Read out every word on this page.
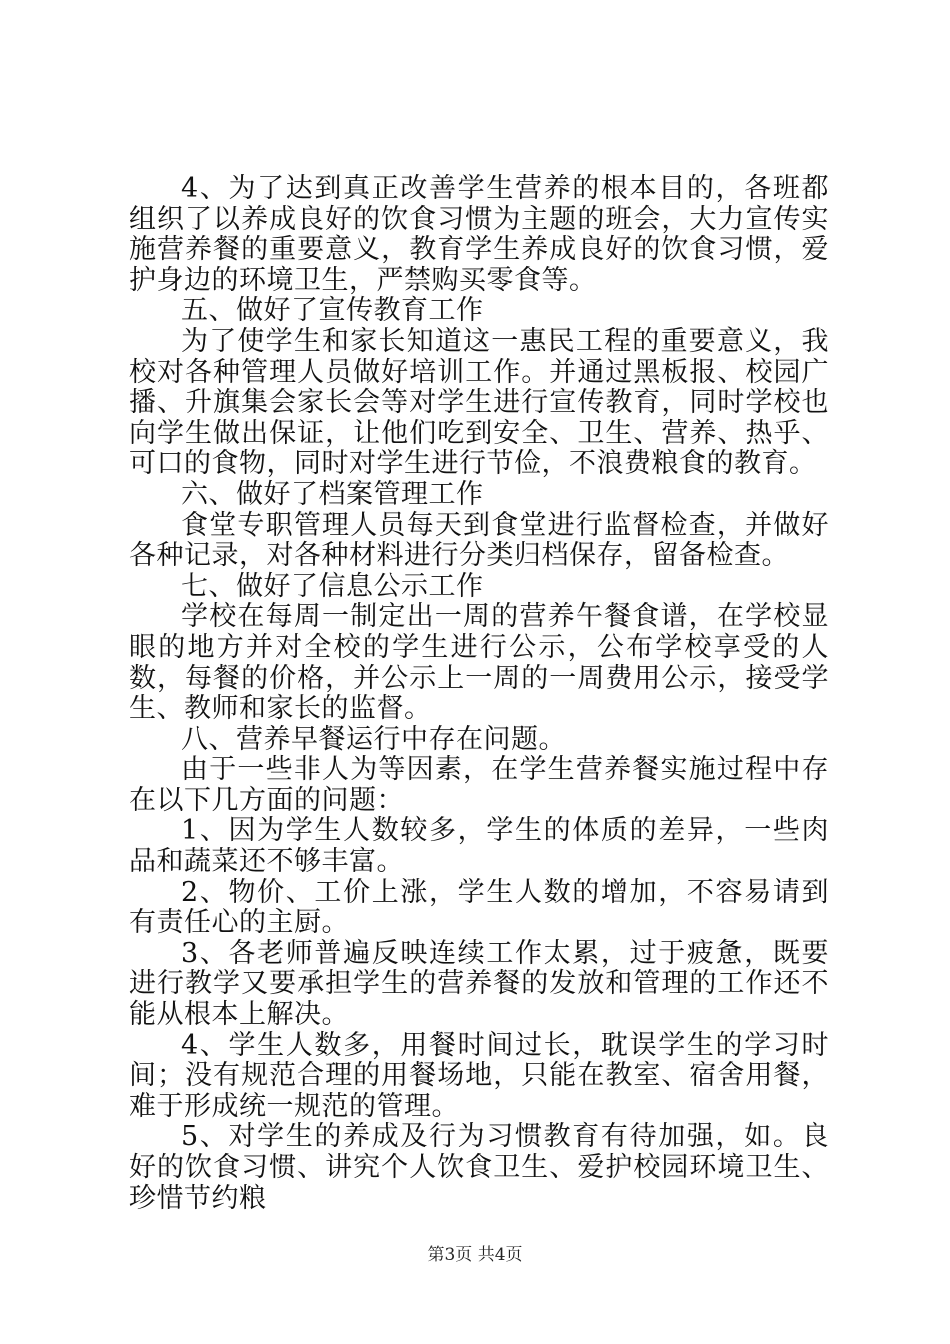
4、为了达到真正改善学生营养的根本目的，各班都组织了以养成良好的饮食习惯为主题的班会，大力宣传实施营养餐的重要意义，教育学生养成良好的饮食习惯，爱护身边的环境卫生，严禁购买零食等。

五、做好了宣传教育工作

为了使学生和家长知道这一惠民工程的重要意义，我校对各种管理人员做好培训工作。并通过黑板报、校园广播、升旗集会家长会等对学生进行宣传教育，同时学校也向学生做出保证，让他们吃到安全、卫生、营养、热乎、可口的食物，同时对学生进行节俭，不浪费粮食的教育。

六、做好了档案管理工作

食堂专职管理人员每天到食堂进行监督检查，并做好各种记录，对各种材料进行分类归档保存，留备检查。

七、做好了信息公示工作

学校在每周一制定出一周的营养午餐食谱，在学校显眼的地方并对全校的学生进行公示，公布学校享受的人数，每餐的价格，并公示上一周的一周费用公示，接受学生、教师和家长的监督。

八、营养早餐运行中存在问题。

由于一些非人为等因素，在学生营养餐实施过程中存在以下几方面的问题：

1、因为学生人数较多，学生的体质的差异，一些肉品和蔬菜还不够丰富。

2、物价、工价上涨，学生人数的增加，不容易请到有责任心的主厨。

3、各老师普遍反映连续工作太累，过于疲惫，既要进行教学又要承担学生的营养餐的发放和管理的工作还不能从根本上解决。

4、学生人数多，用餐时间过长，耽误学生的学习时间；没有规范合理的用餐场地，只能在教室、宿舍用餐，难于形成统一规范的管理。

5、对学生的养成及行为习惯教育有待加强，如。良好的饮食习惯、讲究个人饮食卫生、爱护校园环境卫生、珍惜节约粮

第3页 共4页
